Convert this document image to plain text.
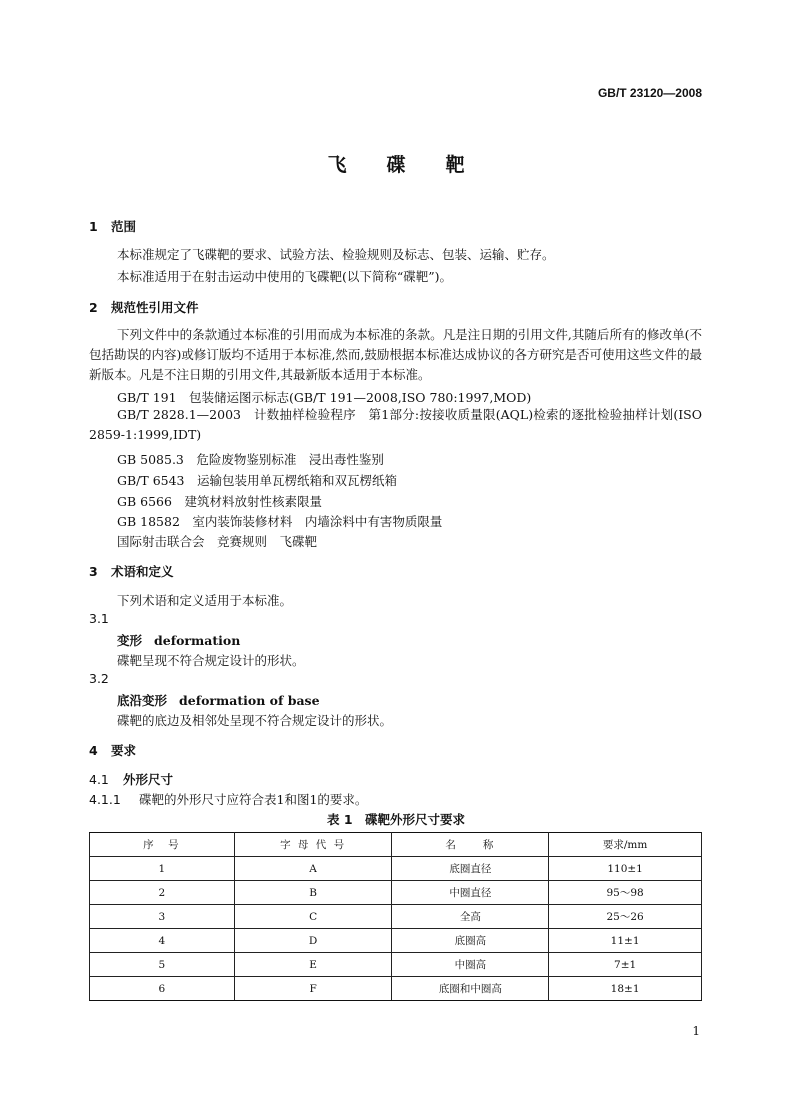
GB/T 23120—2008
飞 碟 靶
1 范围
本标准规定了飞碟靶的要求、试验方法、检验规则及标志、包装、运输、贮存。
本标准适用于在射击运动中使用的飞碟靶(以下简称“碟靶”)。
2 规范性引用文件
下列文件中的条款通过本标准的引用而成为本标准的条款。凡是注日期的引用文件,其随后所有的修改单(不包括勘误的内容)或修订版均不适用于本标准,然而,鼓励根据本标准达成协议的各方研究是否可使用这些文件的最新版本。凡是不注日期的引用文件,其最新版本适用于本标准。
GB/T 191　包装储运图示标志(GB/T 191—2008,ISO 780:1997,MOD)
GB/T 2828.1—2003　计数抽样检验程序　第1部分:按接收质量限(AQL)检索的逐批检验抽样计划(ISO 2859-1:1999,IDT)
GB 5085.3　危险废物鉴别标准　浸出毒性鉴别
GB/T 6543　运输包装用单瓦楞纸箱和双瓦楞纸箱
GB 6566　建筑材料放射性核素限量
GB 18582　室内装饰装修材料　内墙涂料中有害物质限量
国际射击联合会　竞赛规则　飞碟靶
3 术语和定义
下列术语和定义适用于本标准。
3.1
变形 deformation
碟靶呈现不符合规定设计的形状。
3.2
底沿变形 deformation of base
碟靶的底边及相邻处呈现不符合规定设计的形状。
4 要求
4.1 外形尺寸
4.1.1 碟靶的外形尺寸应符合表1和图1的要求。
表 1　碟靶外形尺寸要求
序　号	字 母 代 号	名　　称	要求/mm
1	A	底圈直径	110±1
2	B	中圈直径	95～98
3	C	全高	25～26
4	D	底圈高	11±1
5	E	中圈高	7±1
6	F	底圈和中圈高	18±1
1
